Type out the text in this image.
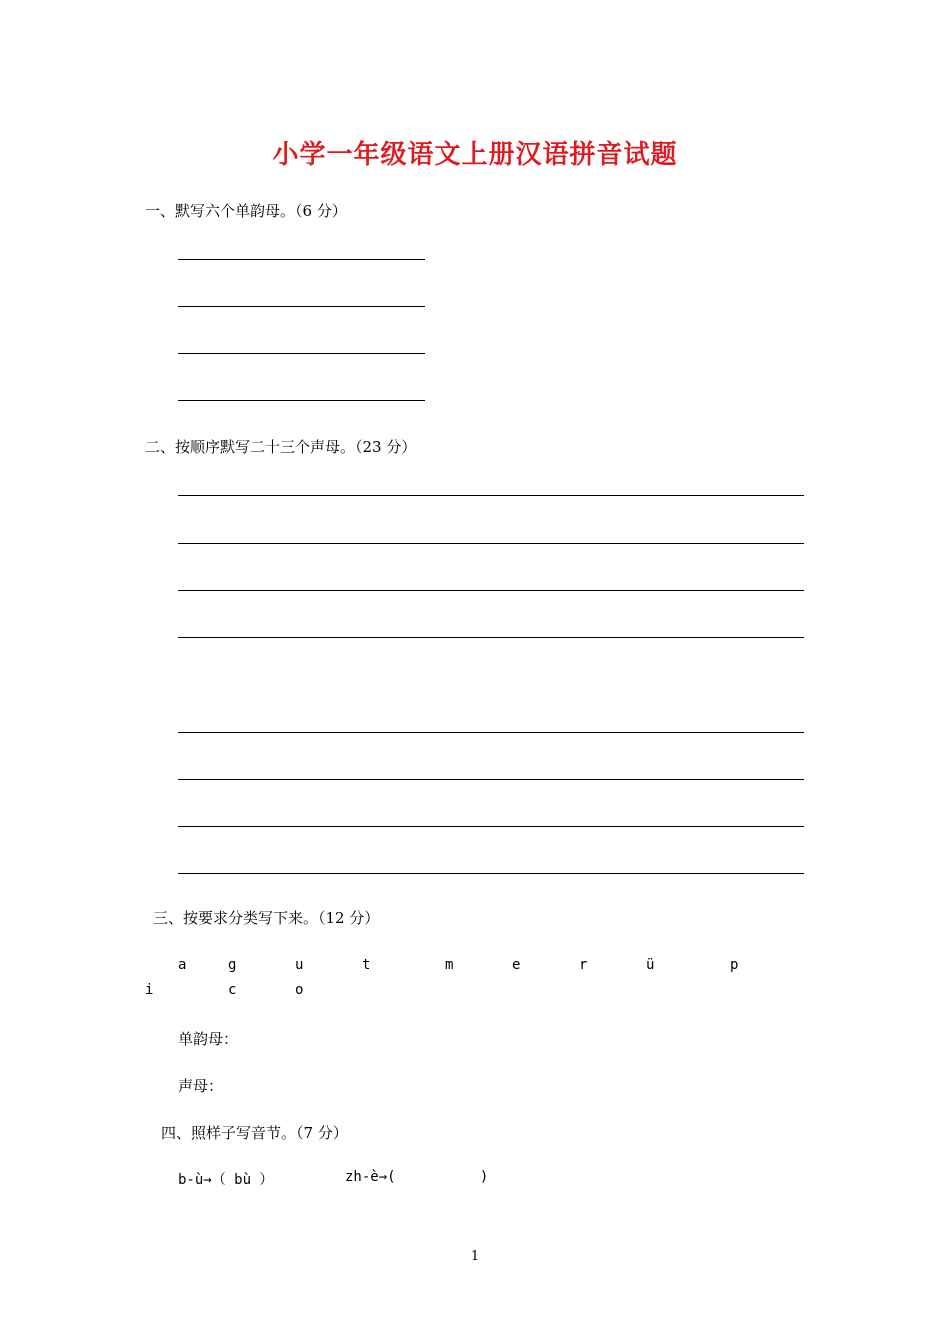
小学一年级语文上册汉语拼音试题
一、默写六个单韵母。（6 分）
二、按顺序默写二十三个声母。（23 分）
三、按要求分类写下来。（12 分）
a	g	u	t	m	e	r	ü	p
i	c	o
单韵母：
声母：
四、照样子写音节。（7 分）
b-ù→（ bù ）	zh-è→(          )
1
